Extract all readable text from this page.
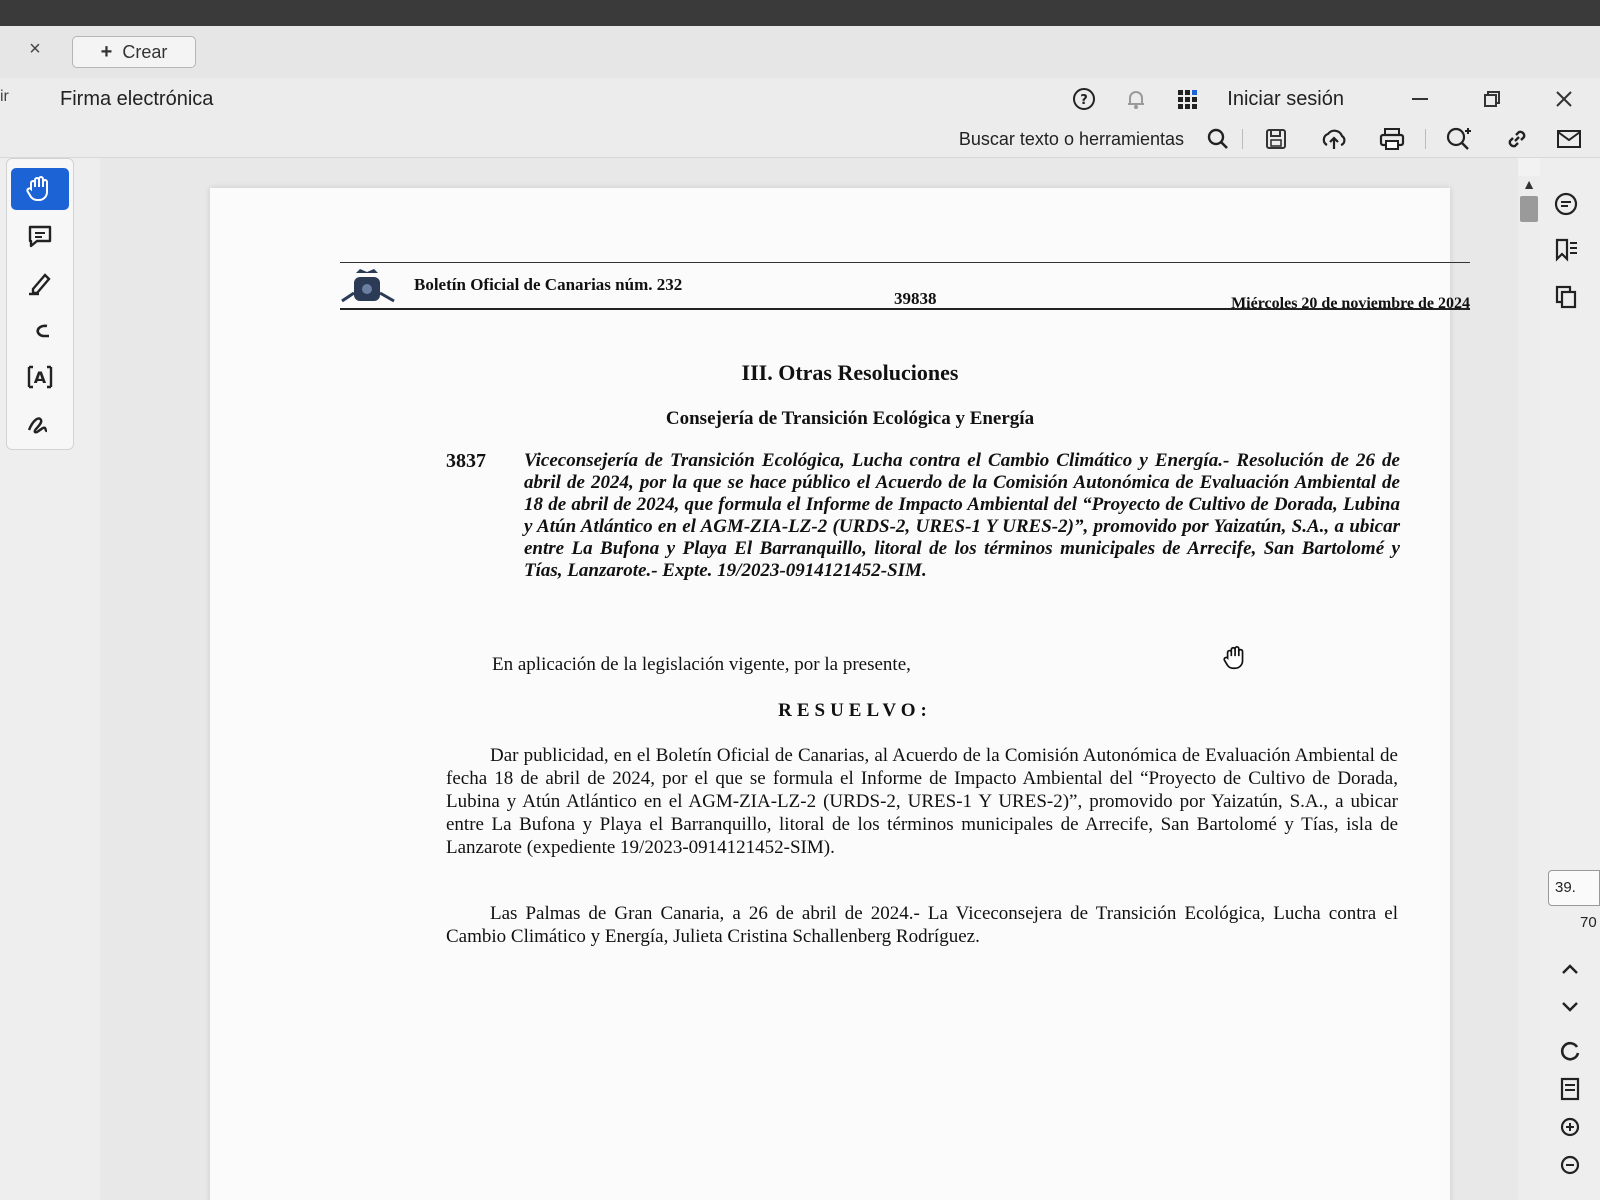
×	+ Crear
ir	Firma electrónica	?	Iniciar sesión
Buscar texto o herramientas
A
Boletín Oficial de Canarias núm. 232
39838	Miércoles 20 de noviembre de 2024
III. Otras Resoluciones
Consejería de Transición Ecológica y Energía
3837 Viceconsejería de Transición Ecológica, Lucha contra el Cambio Climático y Energía.- Resolución de 26 de abril de 2024, por la que se hace público el Acuerdo de la Comisión Autonómica de Evaluación Ambiental de 18 de abril de 2024, que formula el Informe de Impacto Ambiental del “Proyecto de Cultivo de Dorada, Lubina y Atún Atlántico en el AGM-ZIA-LZ-2 (URDS-2, URES-1 Y URES-2)”, promovido por Yaizatún, S.A., a ubicar entre La Bufona y Playa El Barranquillo, litoral de los términos municipales de Arrecife, San Bartolomé y Tías, Lanzarote.- Expte. 19/2023-0914121452-SIM.
En aplicación de la legislación vigente, por la presente,
RESUELVO:
Dar publicidad, en el Boletín Oficial de Canarias, al Acuerdo de la Comisión Autonómica de Evaluación Ambiental de fecha 18 de abril de 2024, por el que se formula el Informe de Impacto Ambiental del “Proyecto de Cultivo de Dorada, Lubina y Atún Atlántico en el AGM-ZIA-LZ-2 (URDS-2, URES-1 Y URES-2)”, promovido por Yaizatún, S.A., a ubicar entre La Bufona y Playa el Barranquillo, litoral de los términos municipales de Arrecife, San Bartolomé y Tías, isla de Lanzarote (expediente 19/2023-0914121452-SIM).
Las Palmas de Gran Canaria, a 26 de abril de 2024.- La Viceconsejera de Transición Ecológica, Lucha contra el Cambio Climático y Energía, Julieta Cristina Schallenberg Rodríguez.
▲
39.
70
